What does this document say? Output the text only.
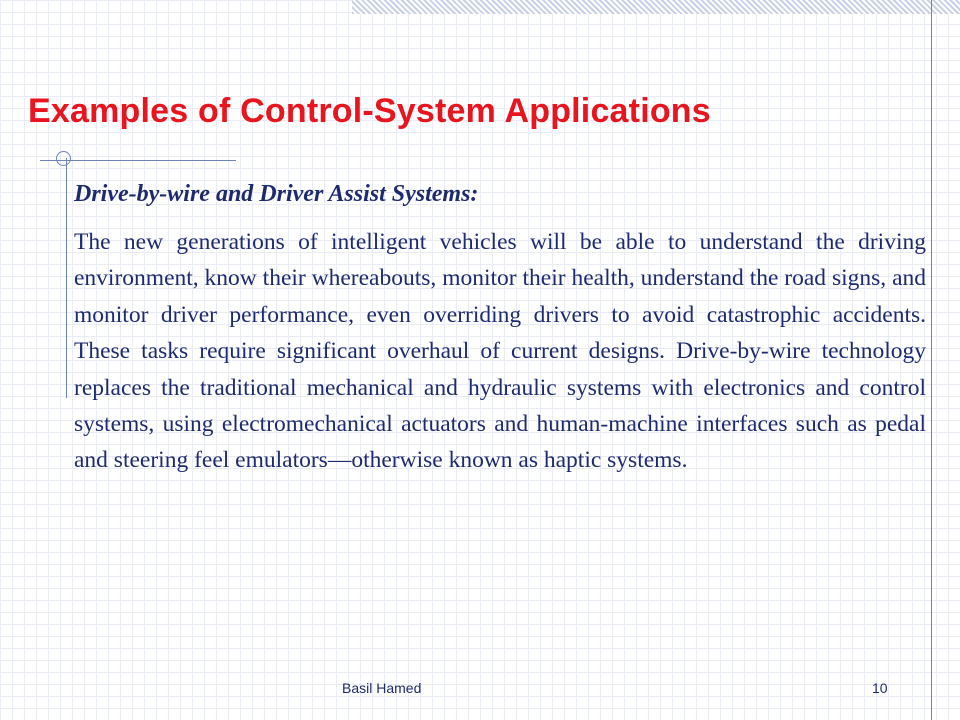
Examples of Control-System Applications

Drive-by-wire and Driver Assist Systems:

The new generations of intelligent vehicles will be able to understand the driving environment, know their whereabouts, monitor their health, understand the road signs, and monitor driver performance, even overriding drivers to avoid catastrophic accidents. These tasks require significant overhaul of current designs. Drive-by-wire technology replaces the traditional mechanical and hydraulic systems with electronics and control systems, using electromechanical actuators and human-machine interfaces such as pedal and steering feel emulators—otherwise known as haptic systems.

Basil Hamed	10
